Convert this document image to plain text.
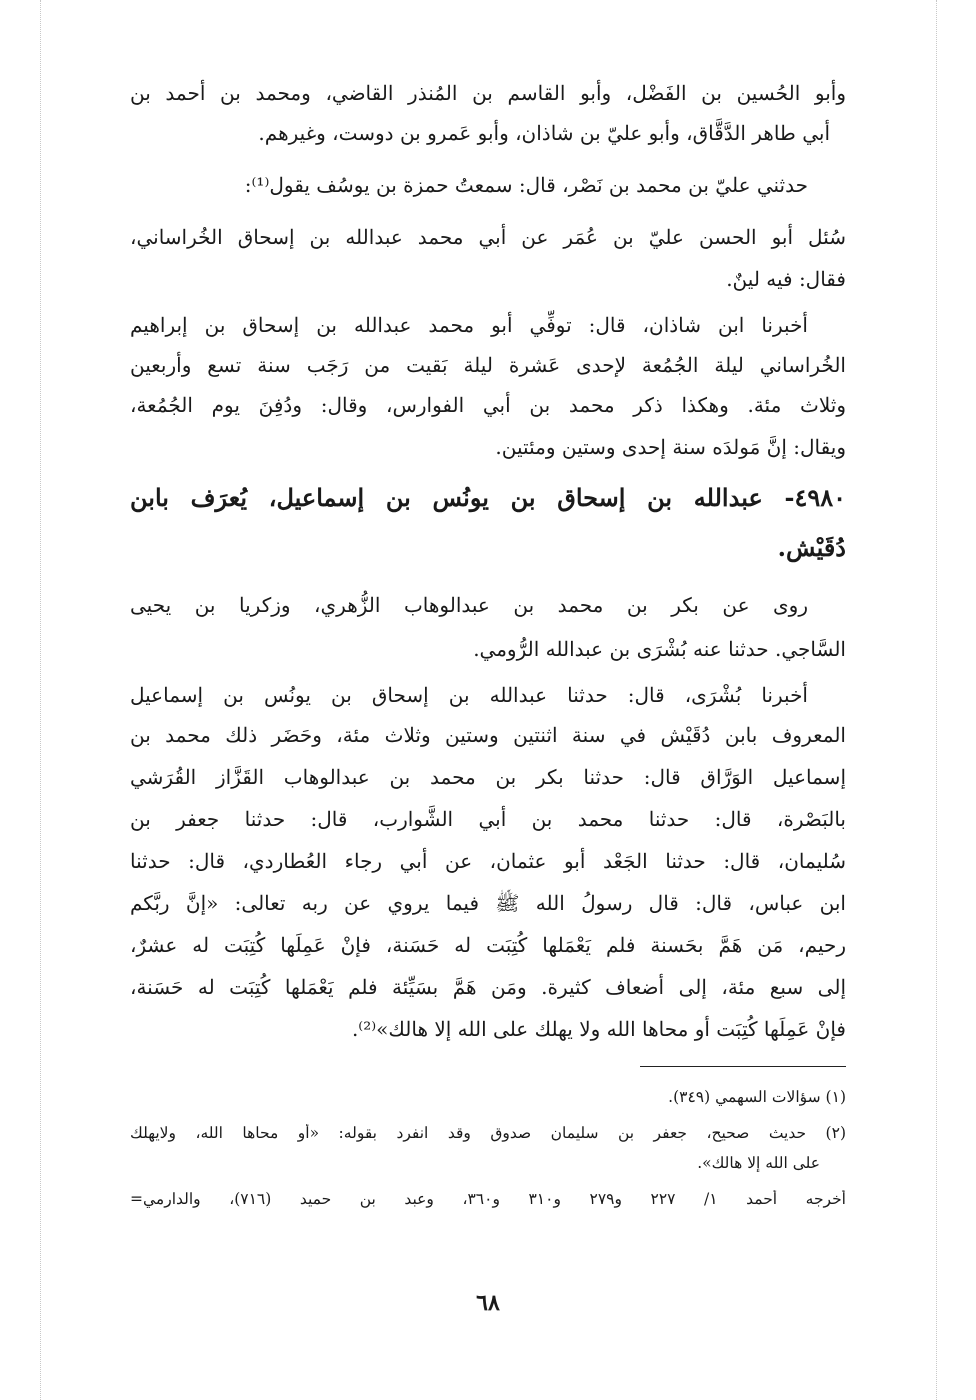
وأبو الحُسين بن الفَضْل، وأبو القاسم بن المُنذر القاضي، ومحمد بن أحمد بن
أبي طاهر الدَّقَّاق، وأبو عليّ بن شاذان، وأبو عَمرو بن دوست، وغيرهم.
حدثني عليّ بن محمد بن نَصْر، قال: سمعتُ حمزة بن يوسُف يقول⁽¹⁾:
سُئل أبو الحسن عليّ بن عُمَر عن أبي محمد عبدالله بن إسحاق الخُراساني،
فقال: فيه لينٌ.
أخبرنا ابن شاذان، قال: توفِّي أبو محمد عبدالله بن إسحاق بن إبراهيم
الخُراساني ليلة الجُمُعة لإحدى عَشرة ليلة بَقيت من رَجَب سنة تسع وأربعين
وثلاث مئة. وهكذا ذكر محمد بن أبي الفوارس، وقال: ودُفِنَ يوم الجُمُعة،
ويقال: إنَّ مَولدَه سنة إحدى وستين ومئتين.
٤٩٨٠- عبدالله بن إسحاق بن يونُس بن إسماعيل، يُعرَف بابن
دُقَيْش.
روى عن بكر بن محمد بن عبدالوهاب الزُّهري، وزكريا بن يحيى
السَّاجي. حدثنا عنه بُشْرَى بن عبدالله الرُّومي.
أخبرنا بُشْرَى، قال: حدثنا عبدالله بن إسحاق بن يونُس بن إسماعيل
المعروف بابن دُقَيْش في سنة اثنتين وستين وثلاث مئة، وحَضَر ذلك محمد بن
إسماعيل الوَرَّاق قال: حدثنا بكر بن محمد بن عبدالوهاب القَزَّاز القُرَشي
بالبَصْرة، قال: حدثنا محمد بن أبي الشَّوارب، قال: حدثنا جعفر بن
سُليمان، قال: حدثنا الجَعْد أبو عثمان، عن أبي رجاء العُطاردي، قال: حدثنا
ابن عباس، قال: قال رسولُ الله ﷺ فيما يروي عن ربه تعالى: «إنَّ ربَّكم
رحيم، مَن هَمَّ بحَسنة فلم يَعْمَلها كُتِبَت له حَسَنة، فإنْ عَمِلَها كُتِبَت له عشرٌ،
إلى سبع مئة، إلى أضعاف كثيرة. ومَن هَمَّ بسَيِّئة فلم يَعْمَلها كُتِبَت له حَسَنة،
فإنْ عَمِلَها كُتِبَت أو محاها الله ولا يهلك على الله إلا هالك»⁽²⁾.
(١) سؤالات السهمي (٣٤٩).
(٢) حديث صحيح، جعفر بن سليمان صدوق وقد انفرد بقوله: «أو محاها الله، ولايهلك
على الله إلا هالك».
أخرجه أحمد ١/ ٢٢٧ و٢٧٩ و٣١٠ و٣٦٠، وعبد بن حميد (٧١٦)، والدارمي=
٦٨
